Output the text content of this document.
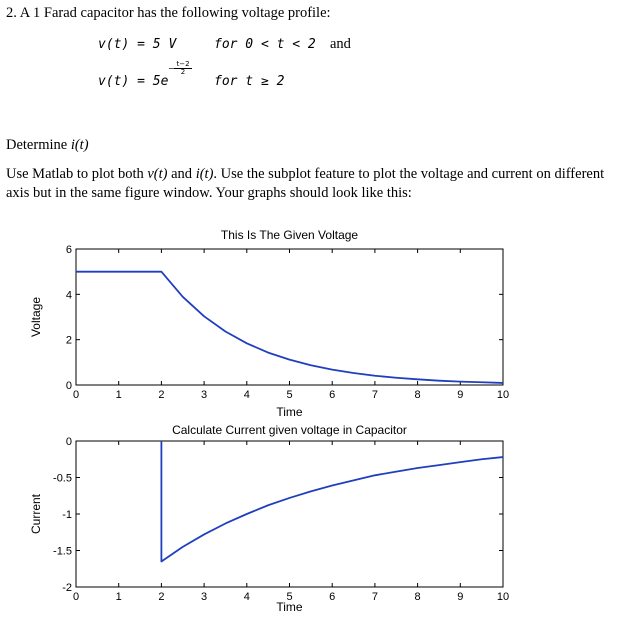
2. A 1 Farad capacitor has the following voltage profile:
v(t) = 5 V	for 0 < t < 2 and
v(t) = 5e
− t−2
2
for t ≥ 2
Determine i(t)
Use Matlab to plot both v(t) and i(t). Use the subplot feature to plot the voltage and current on different axis but in the same figure window. Your graphs should look like this:
0	1	2	3	4	5	6	7	8	9	10
0
2
4
6
This Is The Given Voltage
Time
Voltage
0	1	2	3	4	5	6	7	8	9	10
-2
-1.5
-1
-0.5
0
Calculate Current given voltage in Capacitor
Time
Current
